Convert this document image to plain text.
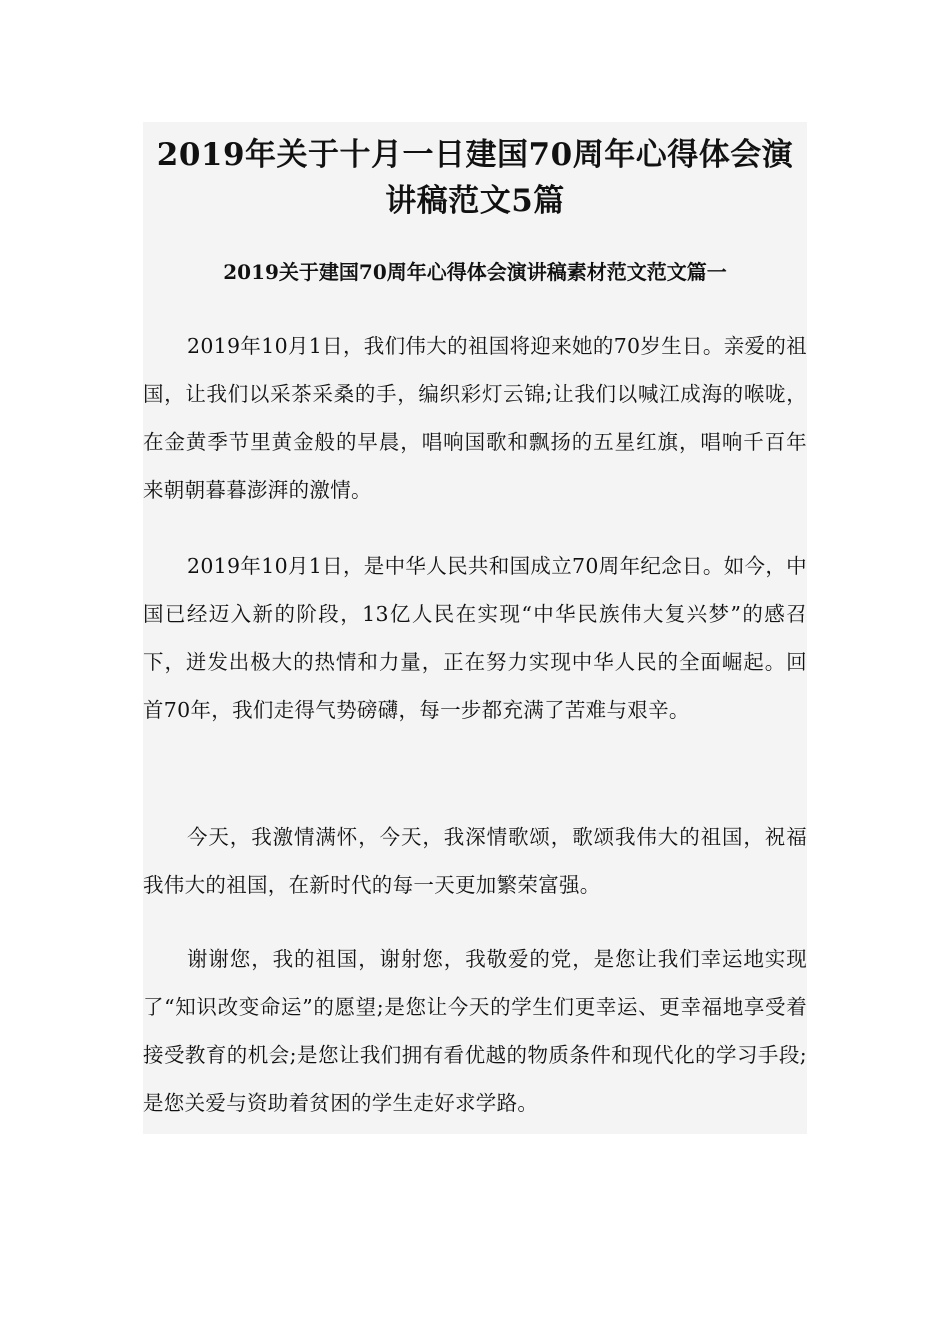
2019年关于十月一日建国70周年心得体会演讲稿范文5篇
2019关于建国70周年心得体会演讲稿素材范文范文篇一

2019年10月1日，我们伟大的祖国将迎来她的70岁生日。亲爱的祖国，让我们以采茶采桑的手，编织彩灯云锦;让我们以喊江成海的喉咙，在金黄季节里黄金般的早晨，唱响国歌和飘扬的五星红旗，唱响千百年来朝朝暮暮澎湃的激情。

2019年10月1日，是中华人民共和国成立70周年纪念日。如今，中国已经迈入新的阶段，13亿人民在实现“中华民族伟大复兴梦”的感召下，迸发出极大的热情和力量，正在努力实现中华人民的全面崛起。回首70年，我们走得气势磅礴，每一步都充满了苦难与艰辛。

今天，我激情满怀，今天，我深情歌颂，歌颂我伟大的祖国，祝福我伟大的祖国，在新时代的每一天更加繁荣富强。

谢谢您，我的祖国，谢射您，我敬爱的党，是您让我们幸运地实现了“知识改变命运”的愿望;是您让今天的学生们更幸运、更幸福地享受着接受教育的机会;是您让我们拥有看优越的物质条件和现代化的学习手段;是您关爱与资助着贫困的学生走好求学路。
